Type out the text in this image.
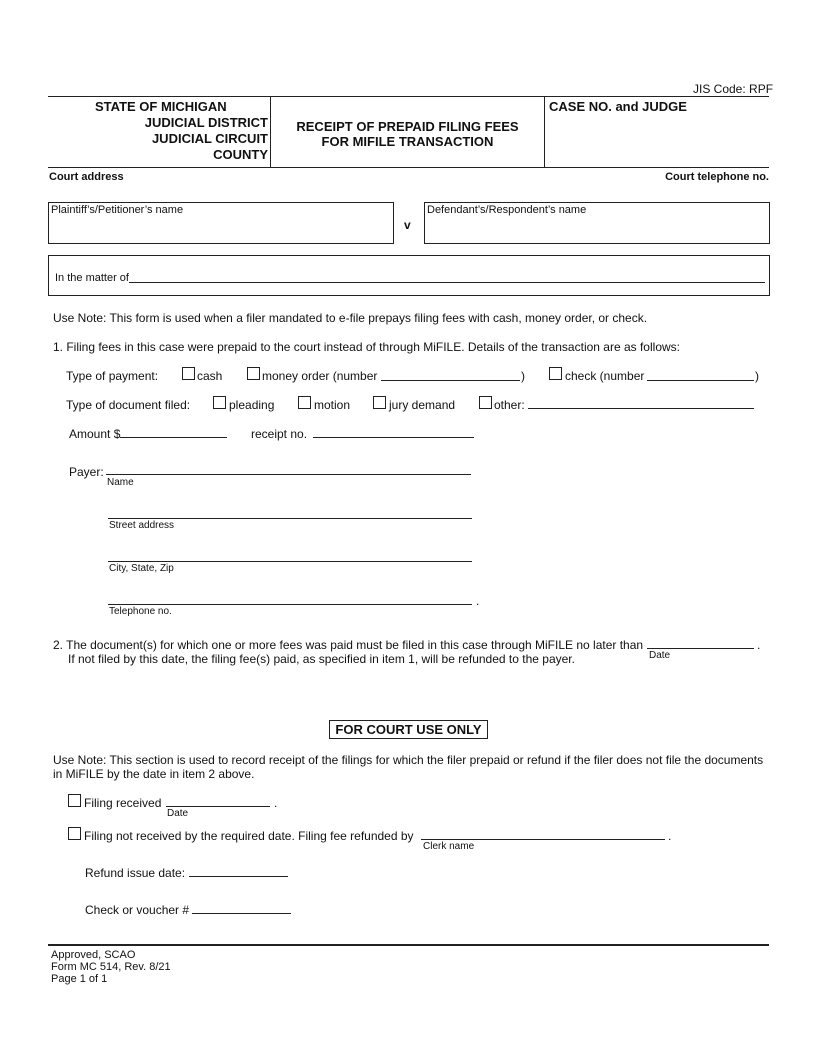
JIS Code: RPF
STATE OF MICHIGAN
JUDICIAL DISTRICT
JUDICIAL CIRCUIT
COUNTY
RECEIPT OF PREPAID FILING FEES
FOR MIFILE TRANSACTION
CASE NO. and JUDGE
Court address	Court telephone no.
Plaintiff’s/Petitioner’s name
v
Defendant’s/Respondent’s name
In the matter of
Use Note: This form is used when a filer mandated to e-file prepays filing fees with cash, money order, or check.
1. Filing fees in this case were prepaid to the court instead of through MiFILE. Details of the transaction are as follows:
Type of payment:	cash	money order (number	)	check (number	)
Type of document filed:	pleading	motion	jury demand	other:
Amount $	receipt no.
Payer:
Name
Street address
City, State, Zip
.
Telephone no.
2. The document(s) for which one or more fees was paid must be filed in this case through MiFILE no later than	.
Date
If not filed by this date, the filing fee(s) paid, as specified in item 1, will be refunded to the payer.
FOR COURT USE ONLY
Use Note: This section is used to record receipt of the filings for which the filer prepaid or refund if the filer does not file the documents
in MiFILE by the date in item 2 above.
Filing received	.
Date
Filing not received by the required date. Filing fee refunded by	.
Clerk name
Refund issue date:
Check or voucher #
Approved, SCAO
Form MC 514, Rev. 8/21
Page 1 of 1
